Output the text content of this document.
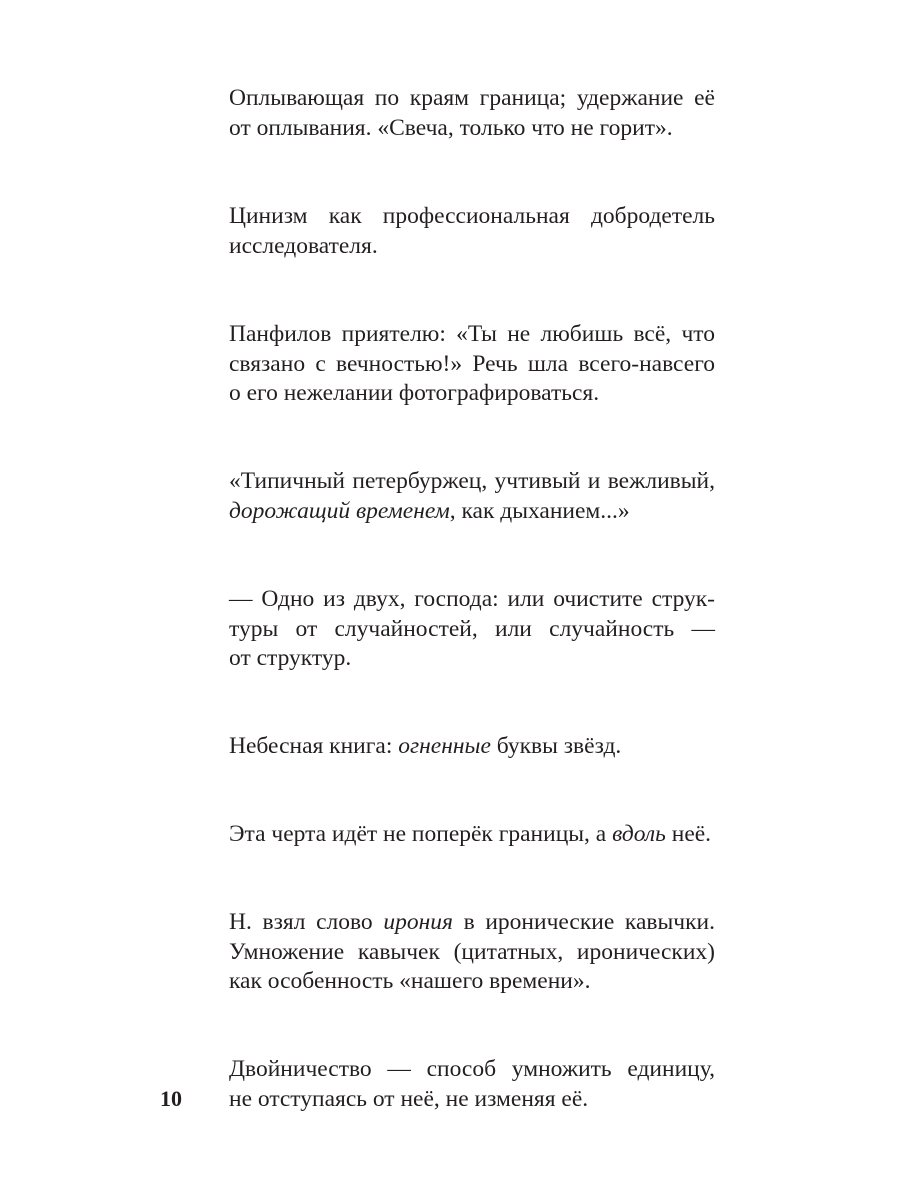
Оплывающая по краям граница; удержание её
от оплывания. «Свеча, только что не горит».

Цинизм как профессиональная добродетель
исследователя.

Панфилов приятелю: «Ты не любишь всё, что
связано с вечностью!» Речь шла всего-навсего
о его нежелании фотографироваться.

«Типичный петербуржец, учтивый и вежливый,
дорожащий временем, как дыханием...»

— Одно из двух, господа: или очистите струк-
туры от случайностей, или случайность —
от структур.

Небесная книга: огненные буквы звёзд.

Эта черта идёт не поперёк границы, а вдоль неё.

Н. взял слово ирония в иронические кавычки.
Умножение кавычек (цитатных, иронических)
как особенность «нашего времени».

Двойничество — способ умножить единицу,
не отступаясь от неё, не изменяя её.

10
